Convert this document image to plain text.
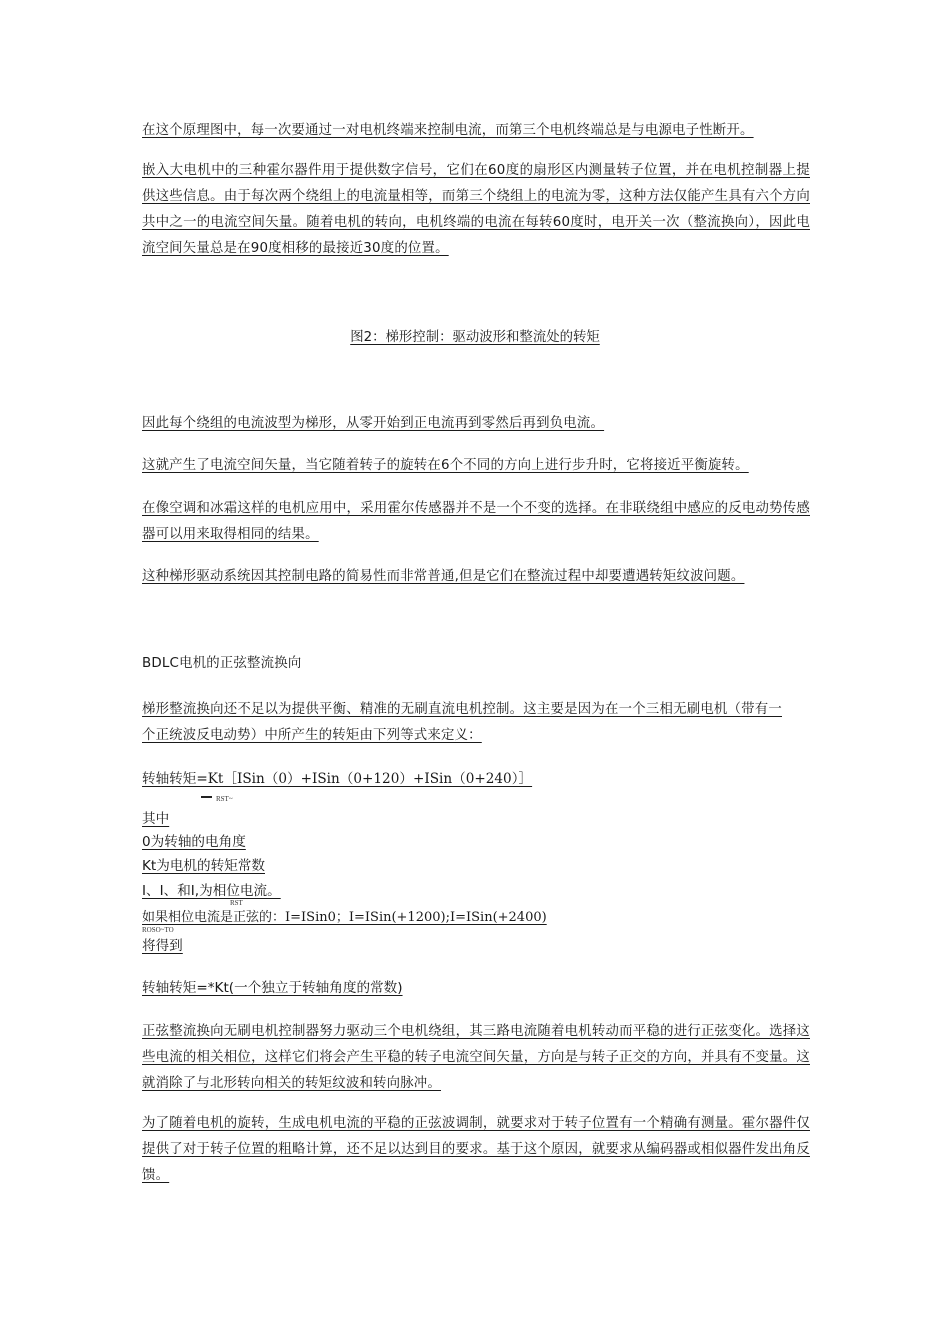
在这个原理图中，每一次要通过一对电机终端来控制电流，而第三个电机终端总是与电源电子性断开。

嵌入大电机中的三种霍尔器件用于提供数字信号，它们在60度的扇形区内测量转子位置，并在电机控制器上提供这些信息。由于每次两个绕组上的电流量相等，而第三个绕组上的电流为零，这种方法仅能产生具有六个方向共中之一的电流空间矢量。随着电机的转向，电机终端的电流在每转60度时，电开关一次（整流换向），因此电流空间矢量总是在90度相移的最接近30度的位置。

图2：梯形控制：驱动波形和整流处的转矩

因此每个绕组的电流波型为梯形，从零开始到正电流再到零然后再到负电流。

这就产生了电流空间矢量，当它随着转子的旋转在6个不同的方向上进行步升时，它将接近平衡旋转。

在像空调和冰霜这样的电机应用中，采用霍尔传感器并不是一个不变的选择。在非联绕组中感应的反电动势传感器可以用来取得相同的结果。

这种梯形驱动系统因其控制电路的简易性而非常普通,但是它们在整流过程中却要遭遇转矩纹波问题。

BDLC电机的正弦整流换向

梯形整流换向还不足以为提供平衡、精准的无刷直流电机控制。这主要是因为在一个三相无刷电机（带有一个正统波反电动势）中所产生的转矩由下列等式来定义：

转轴转矩=Kt［ISin（0）+ISin（0+120）+ISin（0+240）］
RST~
其中
0为转轴的电角度
Kt为电机的转矩常数
I、I、和I,为相位电流。
RST
如果相位电流是正弦的：I=ISin0；I=ISin(+1200);I=ISin(+2400)
ROSO~TO
将得到
转轴转矩=*Kt(一个独立于转轴角度的常数)

正弦整流换向无刷电机控制器努力驱动三个电机绕组，其三路电流随着电机转动而平稳的进行正弦变化。选择这些电流的相关相位，这样它们将会产生平稳的转子电流空间矢量，方向是与转子正交的方向，并具有不变量。这就消除了与北形转向相关的转矩纹波和转向脉冲。

为了随着电机的旋转，生成电机电流的平稳的正弦波调制，就要求对于转子位置有一个精确有测量。霍尔器件仅提供了对于转子位置的粗略计算，还不足以达到目的要求。基于这个原因，就要求从编码器或相似器件发出角反馈。
